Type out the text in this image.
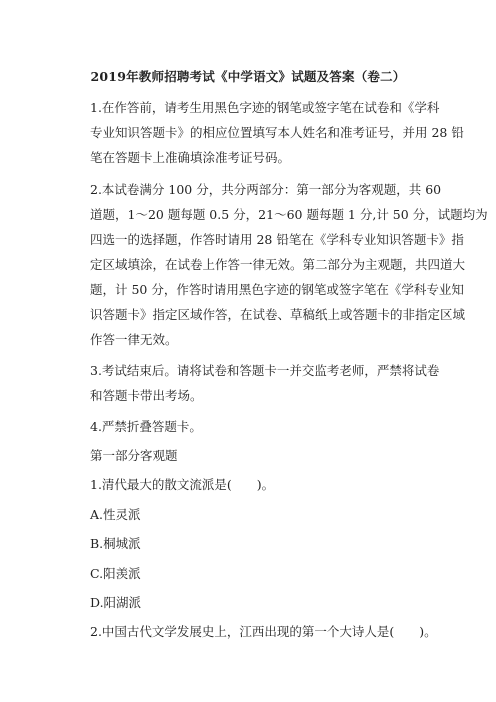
2019年教师招聘考试《中学语文》试题及答案（卷二）
1.在作答前，请考生用黑色字迹的钢笔或签字笔在试卷和《学科
专业知识答题卡》的相应位置填写本人姓名和准考证号，并用 28 铅
笔在答题卡上准确填涂准考证号码。
2.本试卷满分 100 分，共分两部分：第一部分为客观题，共 60
道题，1～20 题每题 0.5 分，21～60 题每题 1 分,计 50 分，试题均为
四选一的选择题，作答时请用 28 铅笔在《学科专业知识答题卡》指
定区域填涂，在试卷上作答一律无效。第二部分为主观题，共四道大
题，计 50 分，作答时请用黑色字迹的钢笔或签字笔在《学科专业知
识答题卡》指定区域作答，在试卷、草稿纸上或答题卡的非指定区域
作答一律无效。
3.考试结束后。请将试卷和答题卡一并交监考老师，严禁将试卷
和答题卡带出考场。
4.严禁折叠答题卡。
第一部分客观题
1.清代最大的散文流派是(　　)。
A.性灵派
B.桐城派
C.阳羡派
D.阳湖派
2.中国古代文学发展史上，江西出现的第一个大诗人是(　　)。
